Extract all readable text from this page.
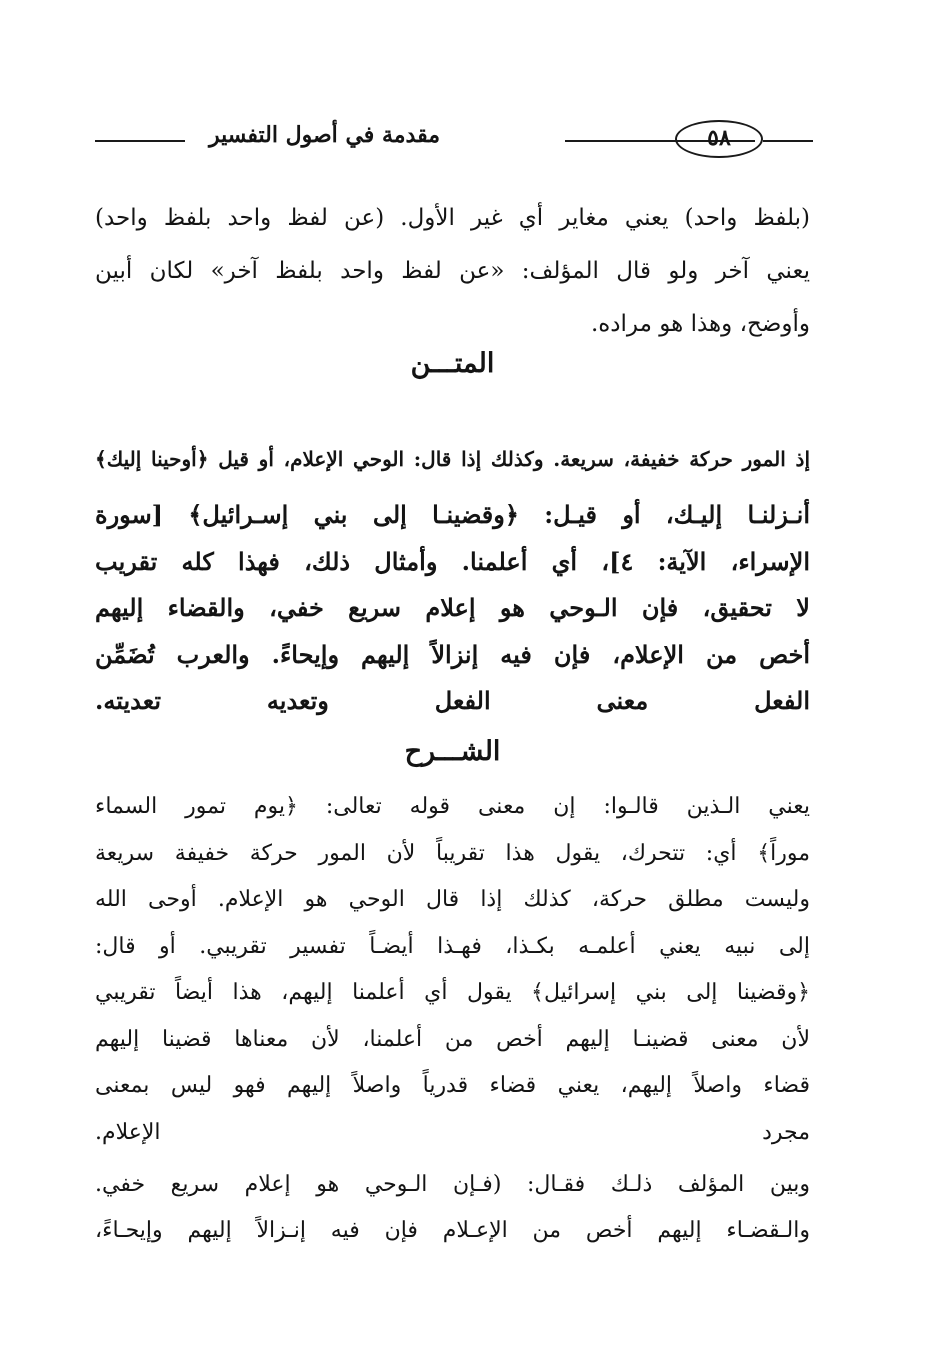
مقدمة في أصول التفسير	٥٨
(بلفظ واحد) يعني مغاير أي غير الأول. (عن لفظ واحد بلفظ واحد)
يعني آخر ولو قال المؤلف: «عن لفظ واحد بلفظ آخر» لكان أبين
وأوضح، وهذا هو مراده.
المتـــن
إذ المور حركة خفيفة، سريعة. وكذلك إذا قال: الوحي الإعلام، أو قيل ﴿أوحينا إليك﴾
أنـزلنـا إليـك، أو قيـل: ﴿وقضينـا إلى بني إسـرائيل﴾ [سورة
الإسراء، الآية: ٤]، أي أعلمنا. وأمثال ذلك، فهذا كله تقريب
لا تحقيق، فإن الـوحي هو إعلام سريع خفي، والقضاء إليهم
أخص من الإعلام، فإن فيه إنزالاً إليهم وإيحاءً. والعرب تُضَمِّن
الفعل معنى الفعل وتعديه تعديته.
الشـــرح
يعني الـذين قالـوا: إن معنى قوله تعالى: ﴿يوم تمور السماء
موراً﴾ أي: تتحرك، يقول هذا تقريباً لأن المور حركة خفيفة سريعة
وليست مطلق حركة، كذلك إذا قال الوحي هو الإعلام. أوحى الله
إلى نبيه يعني أعلمـه بكـذا، فهـذا أيضـاً تفسير تقريبي. أو قال:
﴿وقضينا إلى بني إسرائيل﴾ يقول أي أعلمنا إليهم، هذا أيضاً تقريبي
لأن معنى قضينـا إليهم أخص من أعلمنا، لأن معناها قضينا إليهم
قضاء واصلاً إليهم، يعني قضاء قدرياً واصلاً إليهم فهو ليس بمعنى
مجرد الإعلام.
وبين المؤلف ذلـك فقـال: (فـإن الـوحي هو إعلام سريع خفي.
والـقضـاء إليهم أخص من الإعـلام فإن فيه إنـزالاً إليهم وإيحـاءً،
